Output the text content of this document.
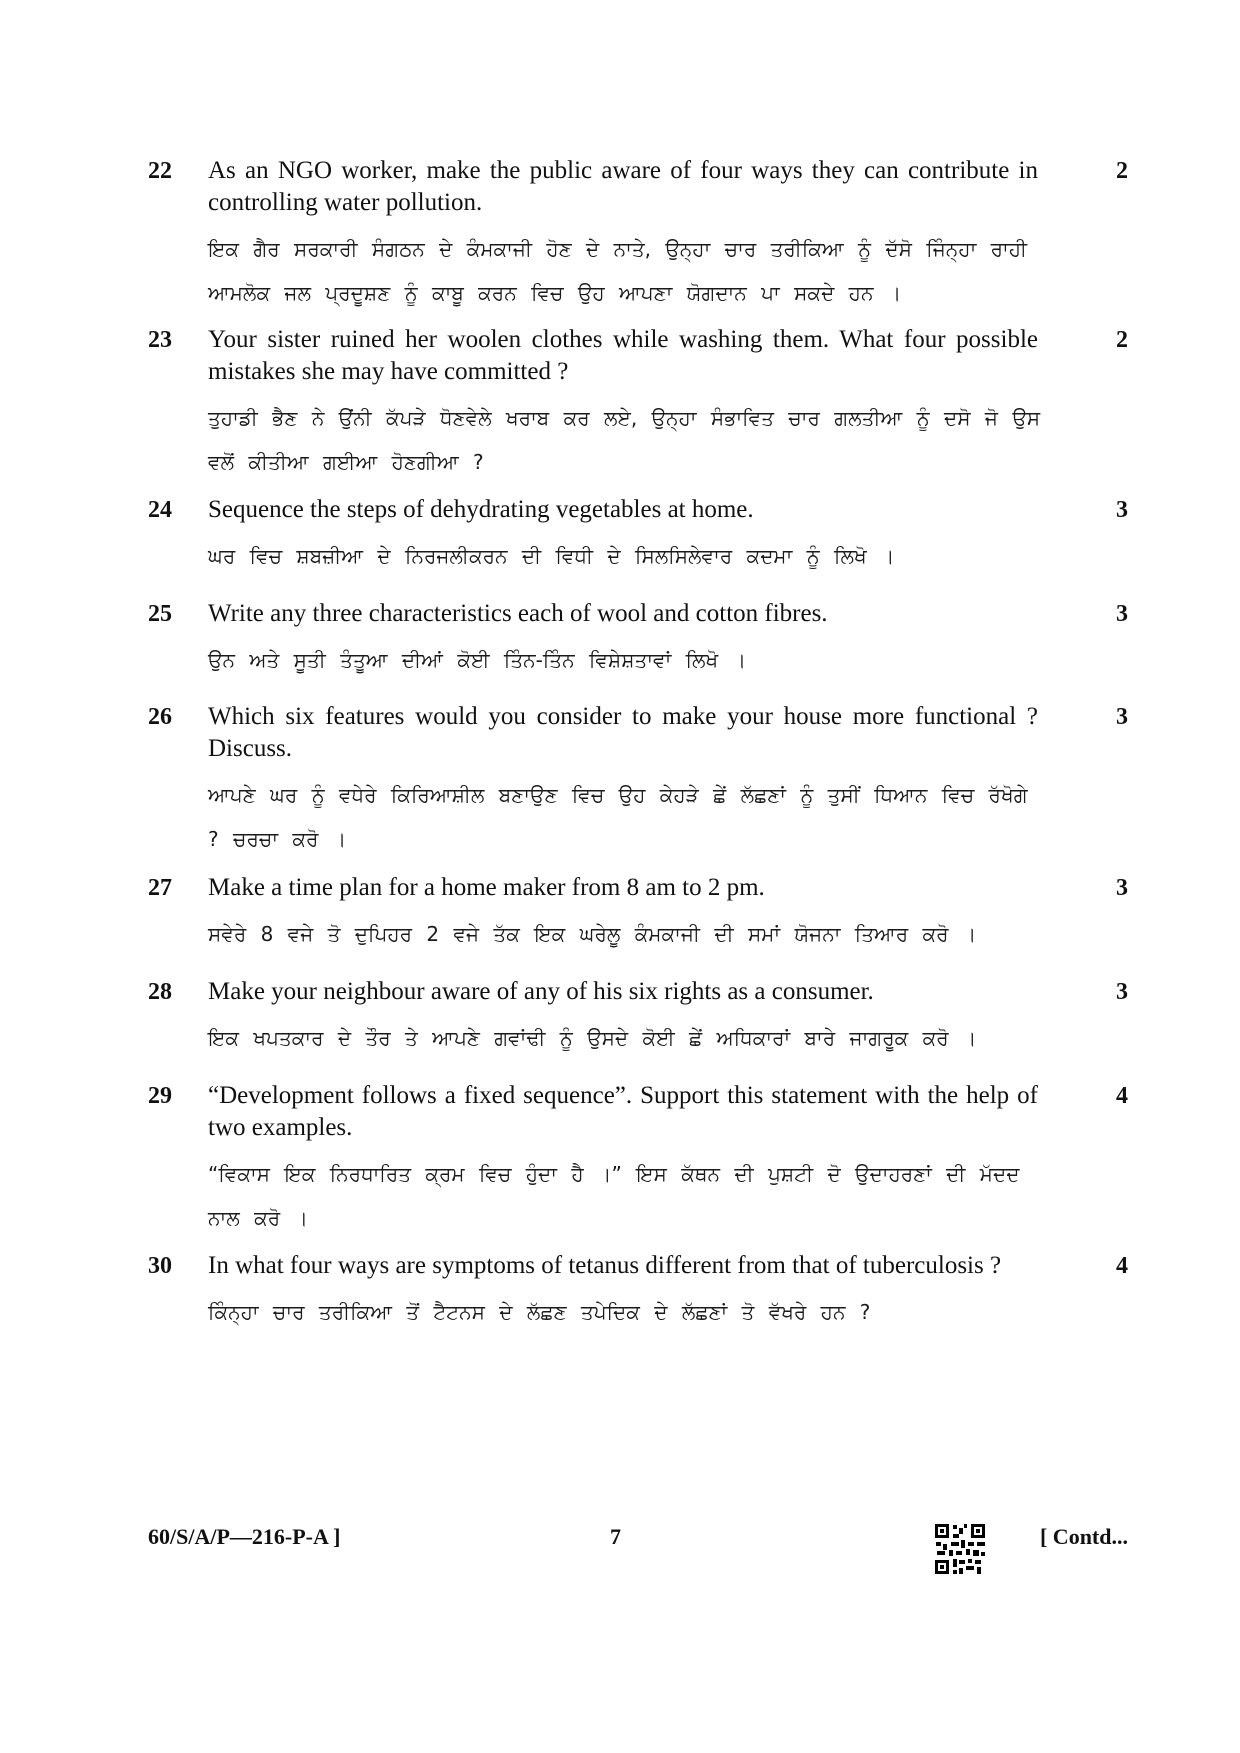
22	As an NGO worker, make the public aware of four ways they can contribute in controlling water pollution.
ਇਕ ਗੈਰ ਸਰਕਾਰੀ ਸੰਗਠਨ ਦੇ ਕੰਮਕਾਜੀ ਹੋਣ ਦੇ ਨਾਤੇ, ਉਨ੍ਹਾ ਚਾਰ ਤਰੀਕਿਆ ਨੂੰ ਦੱਸੋ ਜਿੰਨ੍ਹਾ ਰਾਹੀ ਆਮਲੋਕ ਜਲ ਪ੍ਰਦੂਸ਼ਣ ਨੂੰ ਕਾਬੂ ਕਰਨ ਵਿਚ ਉਹ ਆਪਣਾ ਯੋਗਦਾਨ ਪਾ ਸਕਦੇ ਹਨ ।
2
23	Your sister ruined her woolen clothes while washing them. What four possible mistakes she may have committed ?
ਤੁਹਾਡੀ ਭੈਣ ਨੇ ਉਂਨੀ ਕੱਪੜੇ ਧੋਣਵੇਲੇ ਖਰਾਬ ਕਰ ਲਏ, ਉਨ੍ਹਾ ਸੰਭਾਵਿਤ ਚਾਰ ਗਲਤੀਆ ਨੂੰ ਦਸੋ ਜੋ ਉਸ ਵਲੋਂ ਕੀਤੀਆ ਗਈਆ ਹੋਣਗੀਆ ?
2
24	Sequence the steps of dehydrating vegetables at home.
ਘਰ ਵਿਚ ਸ਼ਬਜ਼ੀਆ ਦੇ ਨਿਰਜਲੀਕਰਨ ਦੀ ਵਿਧੀ ਦੇ ਸਿਲਸਿਲੇਵਾਰ ਕਦਮਾ ਨੂੰ ਲਿਖੋ ।
3
25	Write any three characteristics each of wool and cotton fibres.
ਉਨ ਅਤੇ ਸੂਤੀ ਤੰਤੂਆ ਦੀਆਂ ਕੋਈ ਤਿੰਨ-ਤਿੰਨ ਵਿਸ਼ੇਸ਼ਤਾਵਾਂ ਲਿਖੋ ।
3
26	Which six features would you consider to make your house more functional ? Discuss.
ਆਪਣੇ ਘਰ ਨੂੰ ਵਧੇਰੇ ਕਿਰਿਆਸ਼ੀਲ ਬਣਾਉਣ ਵਿਚ ਉਹ ਕੇਹੜੇ ਛੇਂ ਲੱਛਣਾਂ ਨੂੰ ਤੁਸੀਂ ਧਿਆਨ ਵਿਚ ਰੱਖੋਗੇ ? ਚਰਚਾ ਕਰੋ ।
3
27	Make a time plan for a home maker from 8 am to 2 pm.
ਸਵੇਰੇ 8 ਵਜੇ ਤੋ ਦੁਪਿਹਰ 2 ਵਜੇ ਤੱਕ ਇਕ ਘਰੇਲੂ ਕੰਮਕਾਜੀ ਦੀ ਸਮਾਂ ਯੋਜਨਾ ਤਿਆਰ ਕਰੋ ।
3
28	Make your neighbour aware of any of his six rights as a consumer.
ਇਕ ਖਪਤਕਾਰ ਦੇ ਤੌਰ ਤੇ ਆਪਣੇ ਗਵਾਂਢੀ ਨੂੰ ਉਸਦੇ ਕੋਈ ਛੇਂ ਅਧਿਕਾਰਾਂ ਬਾਰੇ ਜਾਗਰੂਕ ਕਰੋ ।
3
29	“Development follows a fixed sequence”. Support this statement with the help of two examples.
“ਵਿਕਾਸ ਇਕ ਨਿਰਧਾਰਿਤ ਕ੍ਰਮ ਵਿਚ ਹੁੰਦਾ ਹੈ ।” ਇਸ ਕੱਥਨ ਦੀ ਪੁਸ਼ਟੀ ਦੋ ਉਦਾਹਰਣਾਂ ਦੀ ਮੱਦਦ ਨਾਲ ਕਰੋ ।
4
30	In what four ways are symptoms of tetanus different from that of tuberculosis ?
ਕਿੰਨ੍ਹਾ ਚਾਰ ਤਰੀਕਿਆ ਤੋਂ ਟੈਟਨਸ ਦੇ ਲੱਛਣ ਤਪੇਦਿਕ ਦੇ ਲੱਛਣਾਂ ਤੋ ਵੱਖਰੇ ਹਨ ?
4
60/S/A/P—216-P-A ]	7	[ Contd...
